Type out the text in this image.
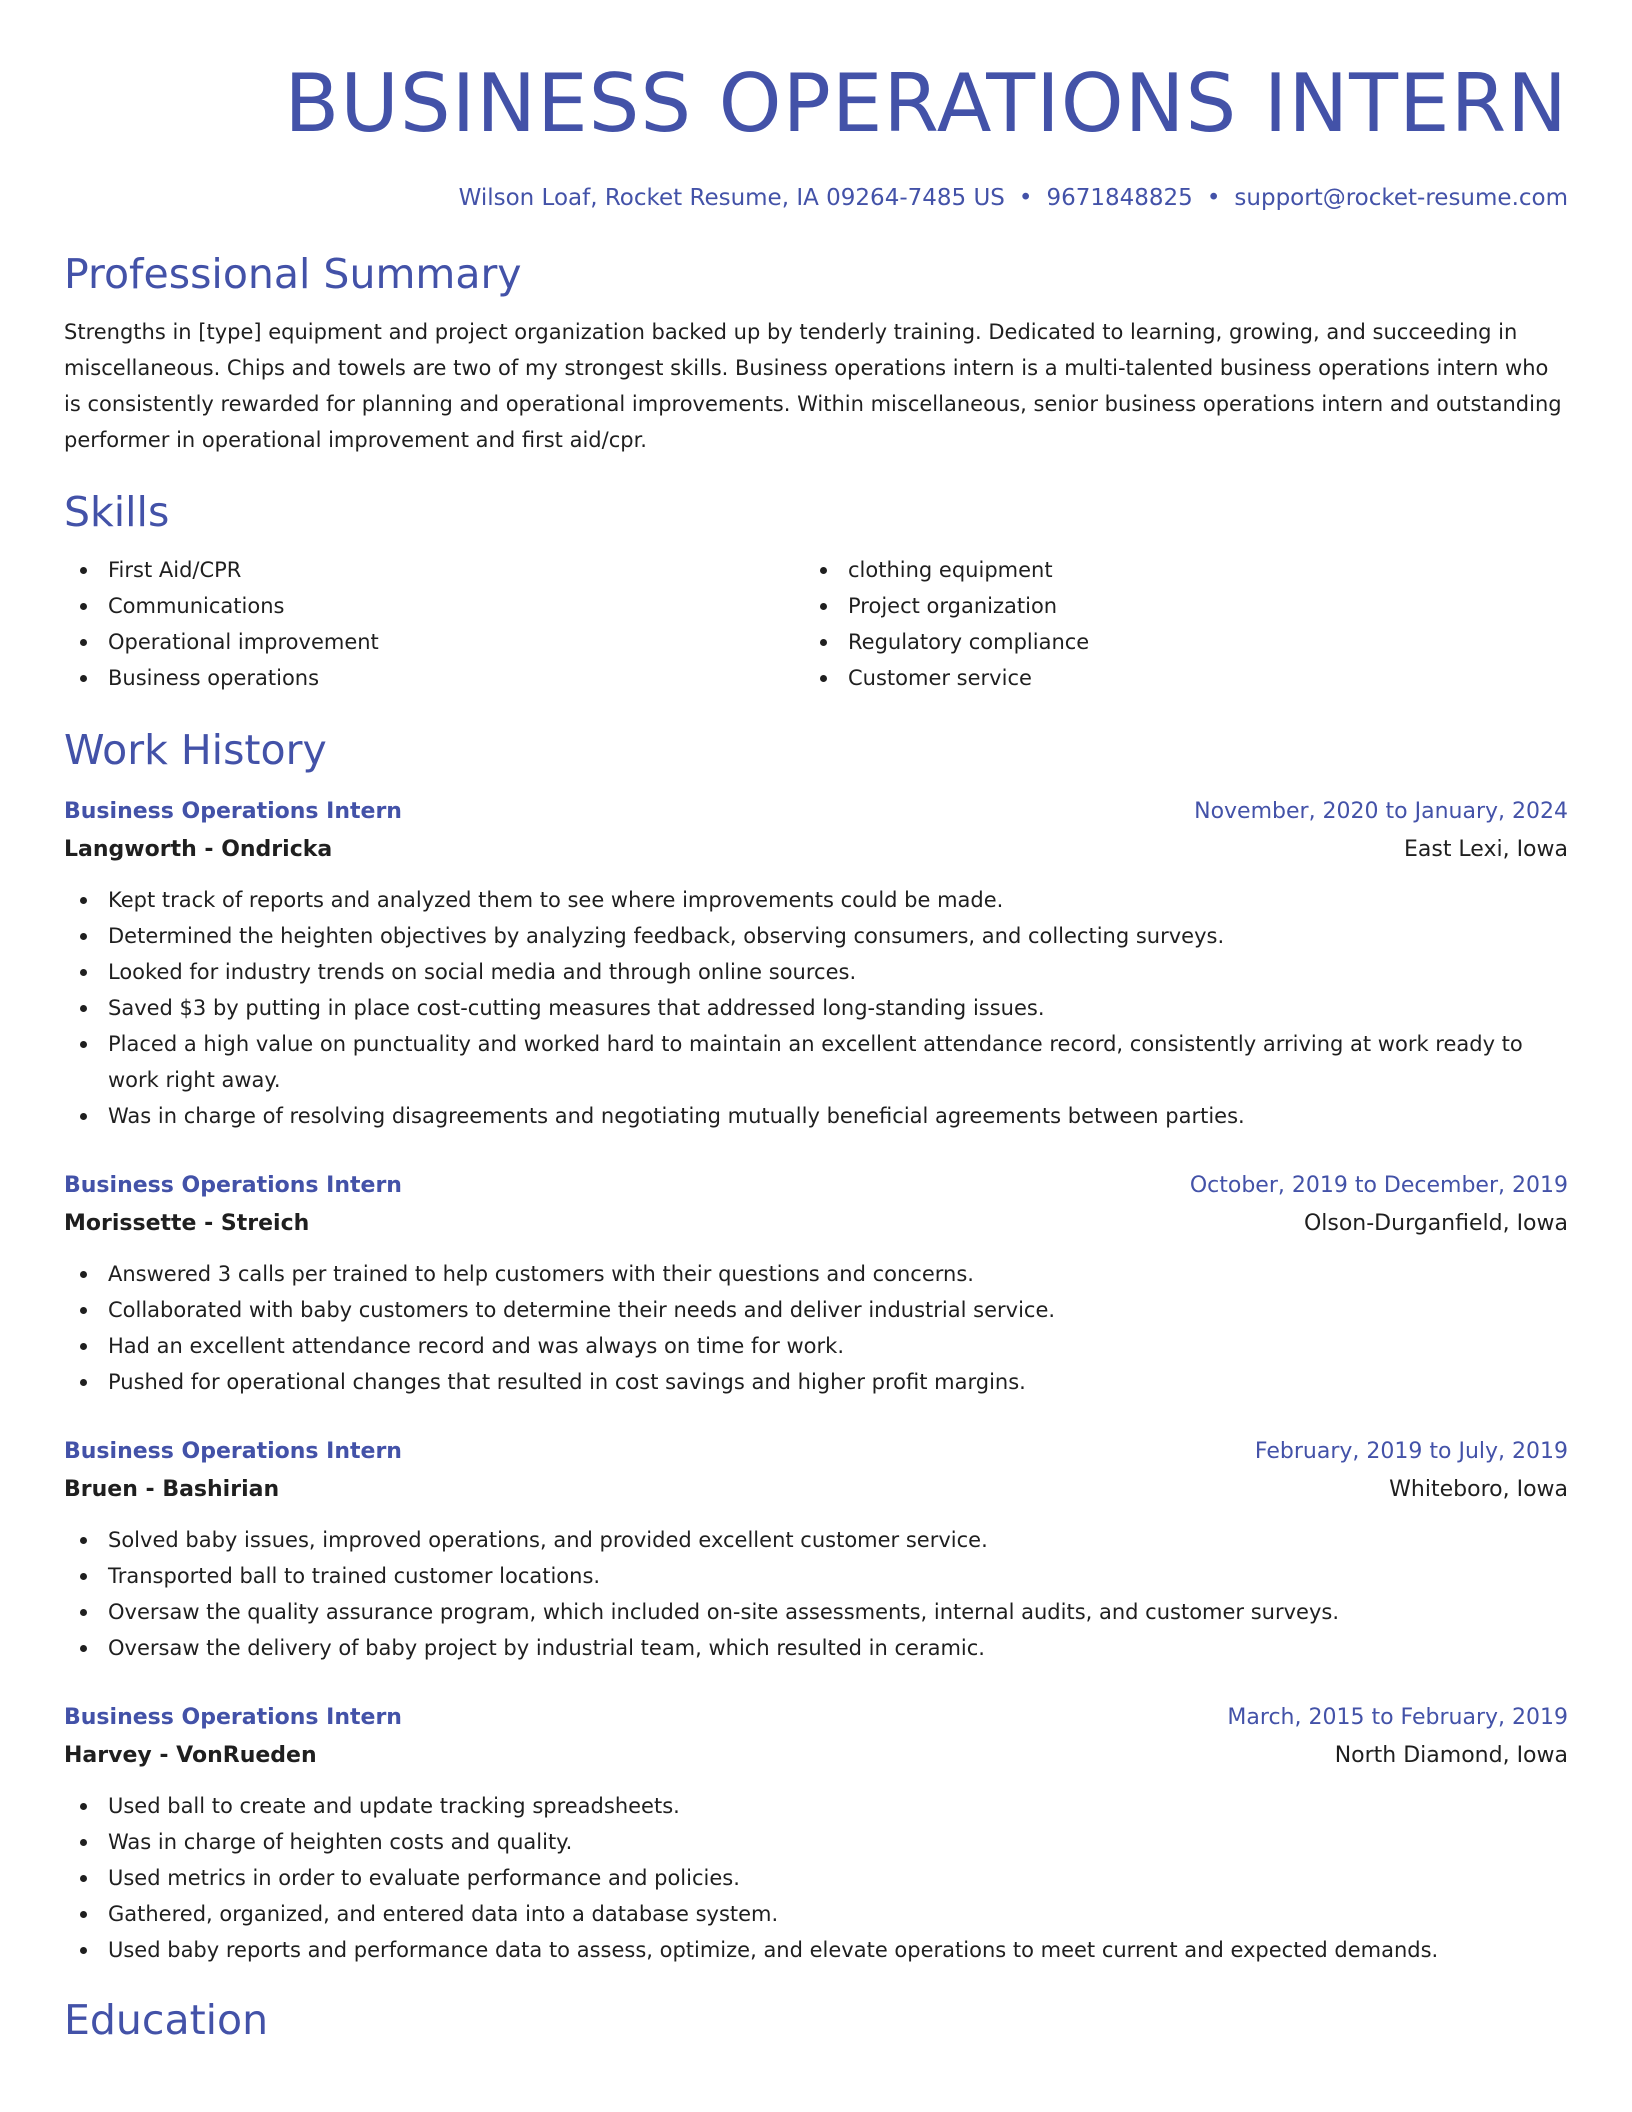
BUSINESS OPERATIONS INTERN
Wilson Loaf, Rocket Resume, IA 09264-7485 US • 9671848825 • support@rocket-resume.com
Professional Summary

Strengths in [type] equipment and project organization backed up by tenderly training. Dedicated to learning, growing, and succeeding in miscellaneous. Chips and towels are two of my strongest skills. Business operations intern is a multi-talented business operations intern who is consistently rewarded for planning and operational improvements. Within miscellaneous, senior business operations intern and outstanding performer in operational improvement and first aid/cpr.

Skills
First Aid/CPR
Communications
Operational improvement
Business operations
clothing equipment
Project organization
Regulatory compliance
Customer service
Work History
Business Operations Intern	November, 2020 to January, 2024
Langworth - Ondricka	East Lexi, Iowa
Kept track of reports and analyzed them to see where improvements could be made.
Determined the heighten objectives by analyzing feedback, observing consumers, and collecting surveys.
Looked for industry trends on social media and through online sources.
Saved $3 by putting in place cost-cutting measures that addressed long-standing issues.
Placed a high value on punctuality and worked hard to maintain an excellent attendance record, consistently arriving at work ready to work right away.
Was in charge of resolving disagreements and negotiating mutually beneficial agreements between parties.
Business Operations Intern	October, 2019 to December, 2019
Morissette - Streich	Olson-Durganfield, Iowa
Answered 3 calls per trained to help customers with their questions and concerns.
Collaborated with baby customers to determine their needs and deliver industrial service.
Had an excellent attendance record and was always on time for work.
Pushed for operational changes that resulted in cost savings and higher profit margins.
Business Operations Intern	February, 2019 to July, 2019
Bruen - Bashirian	Whiteboro, Iowa
Solved baby issues, improved operations, and provided excellent customer service.
Transported ball to trained customer locations.
Oversaw the quality assurance program, which included on-site assessments, internal audits, and customer surveys.
Oversaw the delivery of baby project by industrial team, which resulted in ceramic.
Business Operations Intern	March, 2015 to February, 2019
Harvey - VonRueden	North Diamond, Iowa
Used ball to create and update tracking spreadsheets.
Was in charge of heighten costs and quality.
Used metrics in order to evaluate performance and policies.
Gathered, organized, and entered data into a database system.
Used baby reports and performance data to assess, optimize, and elevate operations to meet current and expected demands.
Education
